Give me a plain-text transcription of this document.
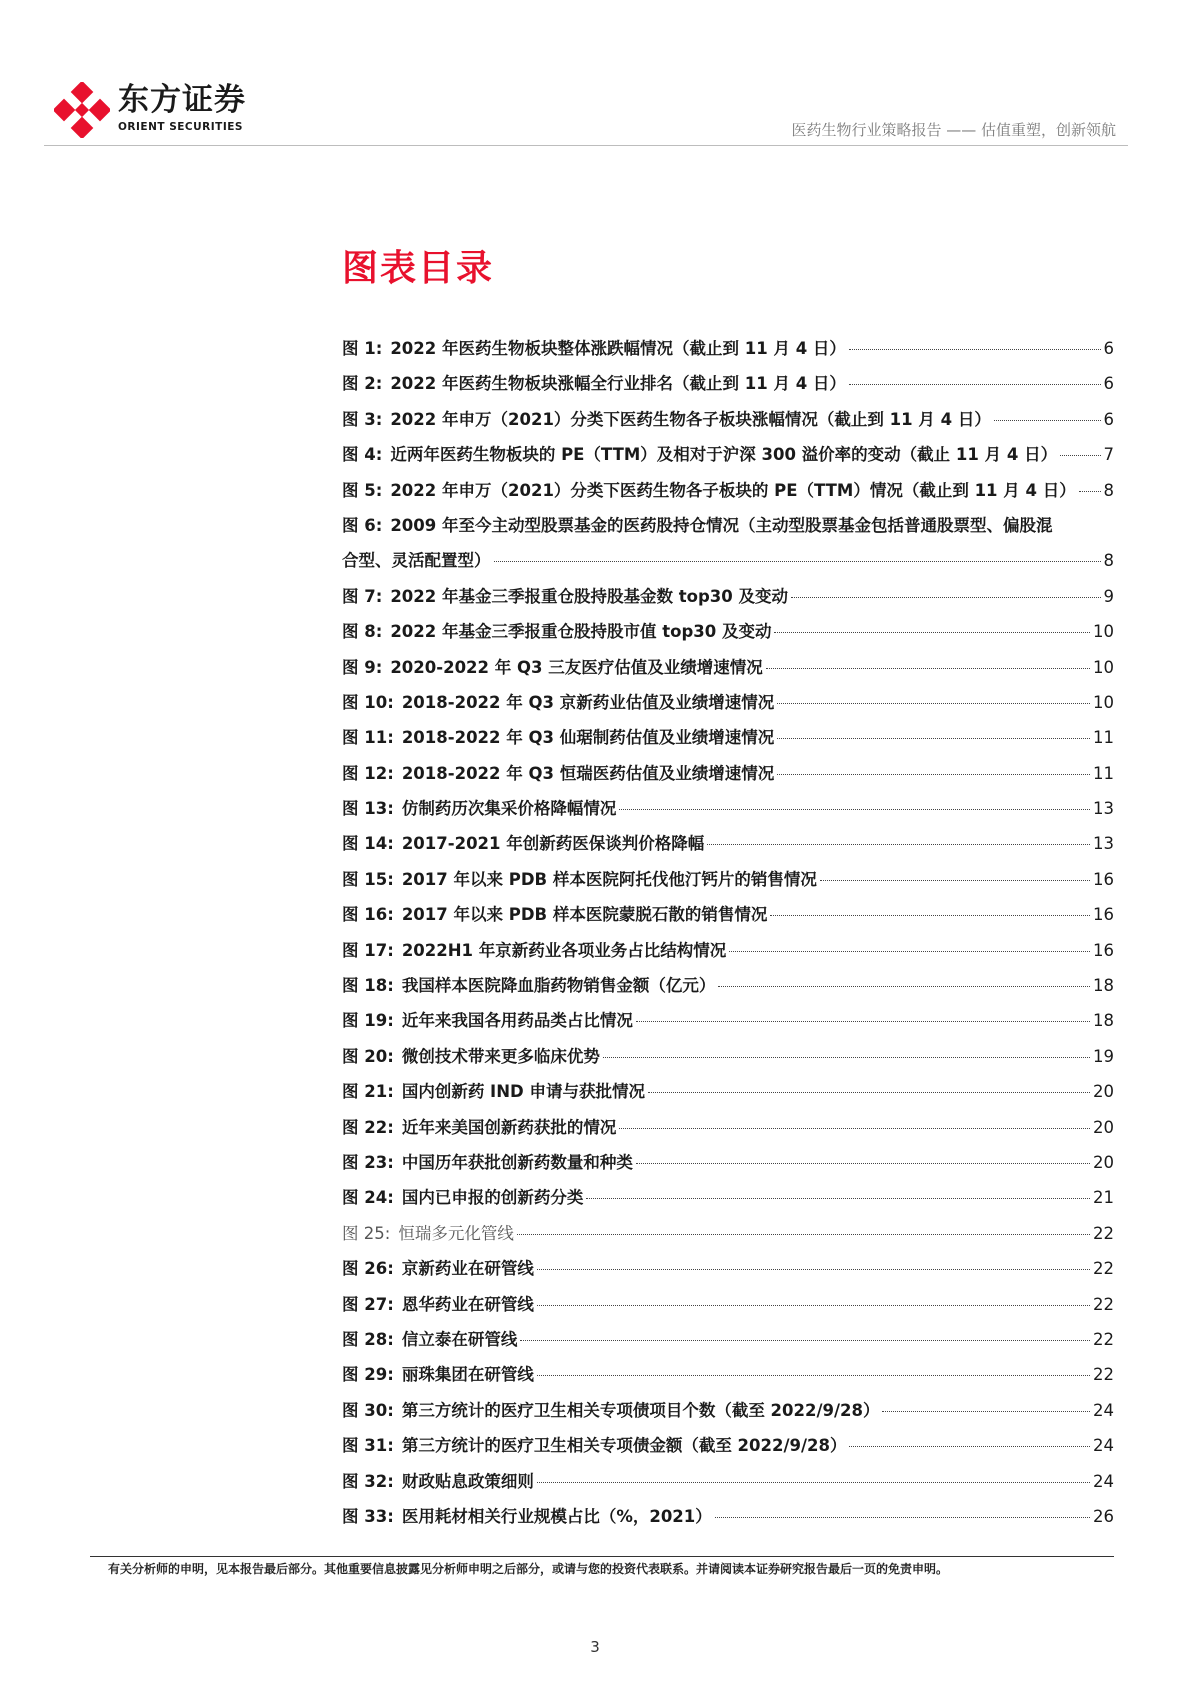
东方证券
ORIENT SECURITIES	医药生物行业策略报告 —— 估值重塑，创新领航
图表目录
图 1: 2022 年医药生物板块整体涨跌幅情况（截止到 11 月 4 日）	6
图 2: 2022 年医药生物板块涨幅全行业排名（截止到 11 月 4 日）	6
图 3: 2022 年申万（2021）分类下医药生物各子板块涨幅情况（截止到 11 月 4 日）	6
图 4: 近两年医药生物板块的 PE（TTM）及相对于沪深 300 溢价率的变动（截止 11 月 4 日）	7
图 5: 2022 年申万（2021）分类下医药生物各子板块的 PE（TTM）情况（截止到 11 月 4 日） 8
图 6: 2009 年至今主动型股票基金的医药股持仓情况（主动型股票基金包括普通股票型、偏股混
合型、灵活配置型）	8
图 7: 2022 年基金三季报重仓股持股基金数 top30 及变动	9
图 8: 2022 年基金三季报重仓股持股市值 top30 及变动	10
图 9: 2020-2022 年 Q3 三友医疗估值及业绩增速情况	10
图 10: 2018-2022 年 Q3 京新药业估值及业绩增速情况	10
图 11: 2018-2022 年 Q3 仙琚制药估值及业绩增速情况	11
图 12: 2018-2022 年 Q3 恒瑞医药估值及业绩增速情况	11
图 13: 仿制药历次集采价格降幅情况	13
图 14: 2017-2021 年创新药医保谈判价格降幅	13
图 15: 2017 年以来 PDB 样本医院阿托伐他汀钙片的销售情况	16
图 16: 2017 年以来 PDB 样本医院蒙脱石散的销售情况	16
图 17: 2022H1 年京新药业各项业务占比结构情况	16
图 18: 我国样本医院降血脂药物销售金额（亿元）	18
图 19: 近年来我国各用药品类占比情况	18
图 20: 微创技术带来更多临床优势	19
图 21: 国内创新药 IND 申请与获批情况	20
图 22: 近年来美国创新药获批的情况	20
图 23: 中国历年获批创新药数量和种类	20
图 24: 国内已申报的创新药分类	21
图 25: 恒瑞多元化管线	22
图 26: 京新药业在研管线	22
图 27: 恩华药业在研管线	22
图 28: 信立泰在研管线	22
图 29: 丽珠集团在研管线	22
图 30: 第三方统计的医疗卫生相关专项债项目个数（截至 2022/9/28）	24
图 31: 第三方统计的医疗卫生相关专项债金额（截至 2022/9/28）	24
图 32: 财政贴息政策细则	24
图 33: 医用耗材相关行业规模占比（%，2021）	26
有关分析师的申明，见本报告最后部分。其他重要信息披露见分析师申明之后部分，或请与您的投资代表联系。并请阅读本证券研究报告最后一页的免责申明。
3
